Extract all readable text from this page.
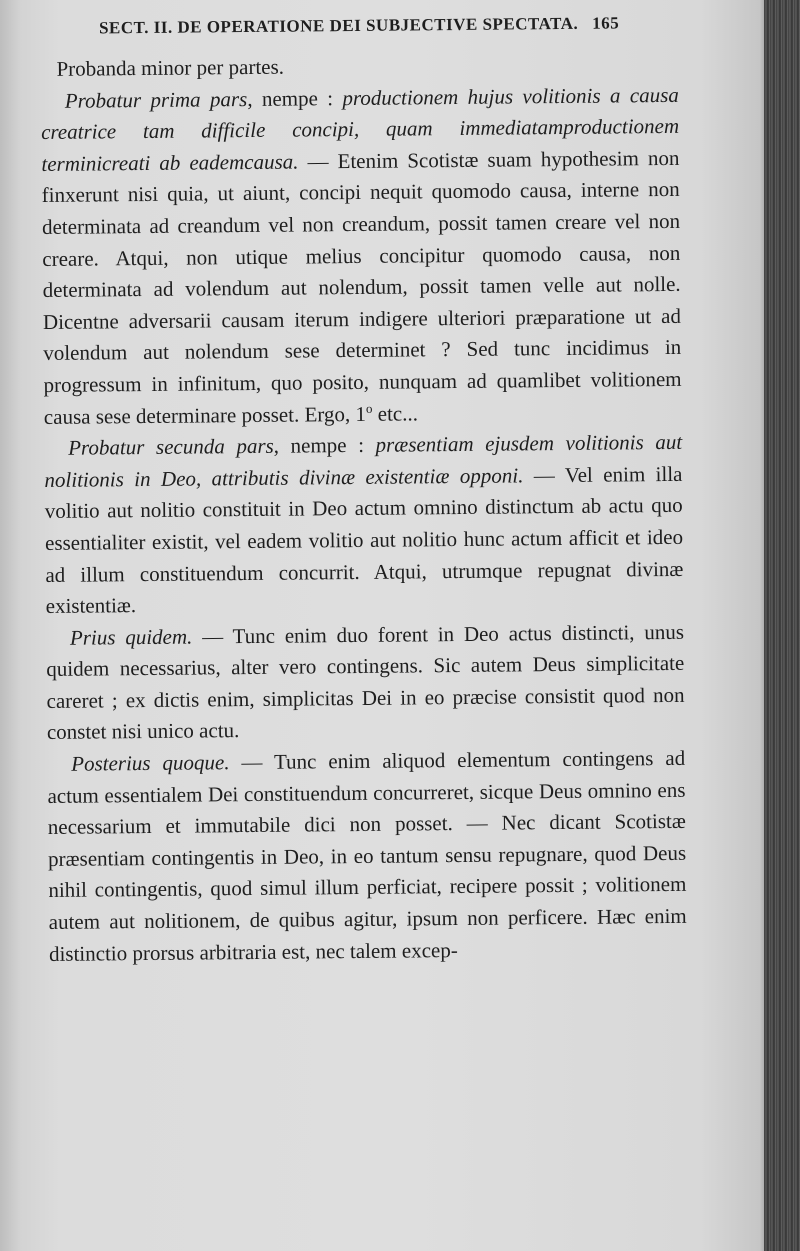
SECT. II. DE OPERATIONE DEI SUBJECTIVE SPECTATA. 165

Probanda minor per partes.

Probatur prima pars, nempe : productionem hujus volitionis a causa creatrice tam difficile concipi, quam immediatamproductionem terminicreati ab eademcausa. — Etenim Scotistæ suam hypothesim non finxerunt nisi quia, ut aiunt, concipi nequit quomodo causa, interne non determinata ad creandum vel non creandum, possit tamen creare vel non creare. Atqui, non utique melius concipitur quomodo causa, non determinata ad volendum aut nolendum, possit tamen velle aut nolle. Dicentne adversarii causam iterum indigere ulteriori præparatione ut ad volendum aut nolendum sese determinet ? Sed tunc incidimus in progressum in infinitum, quo posito, nunquam ad quamlibet volitionem causa sese determinare posset. Ergo, 1$^o$ etc...

Probatur secunda pars, nempe : præsentiam ejusdem volitionis aut nolitionis in Deo, attributis divinæ existentiæ opponi. — Vel enim illa volitio aut nolitio constituit in Deo actum omnino distinctum ab actu quo essentialiter existit, vel eadem volitio aut nolitio hunc actum afficit et ideo ad illum constituendum concurrit. Atqui, utrumque repugnat divinæ existentiæ.

Prius quidem. — Tunc enim duo forent in Deo actus distincti, unus quidem necessarius, alter vero contingens. Sic autem Deus simplicitate careret ; ex dictis enim, simplicitas Dei in eo præcise consistit quod non constet nisi unico actu.

Posterius quoque. — Tunc enim aliquod elementum contingens ad actum essentialem Dei constituendum concurreret, sicque Deus omnino ens necessarium et immutabile dici non posset. — Nec dicant Scotistæ præsentiam contingentis in Deo, in eo tantum sensu repugnare, quod Deus nihil contingentis, quod simul illum perficiat, recipere possit ; volitionem autem aut nolitionem, de quibus agitur, ipsum non perficere. Hæc enim distinctio prorsus arbitraria est, nec talem excep-
